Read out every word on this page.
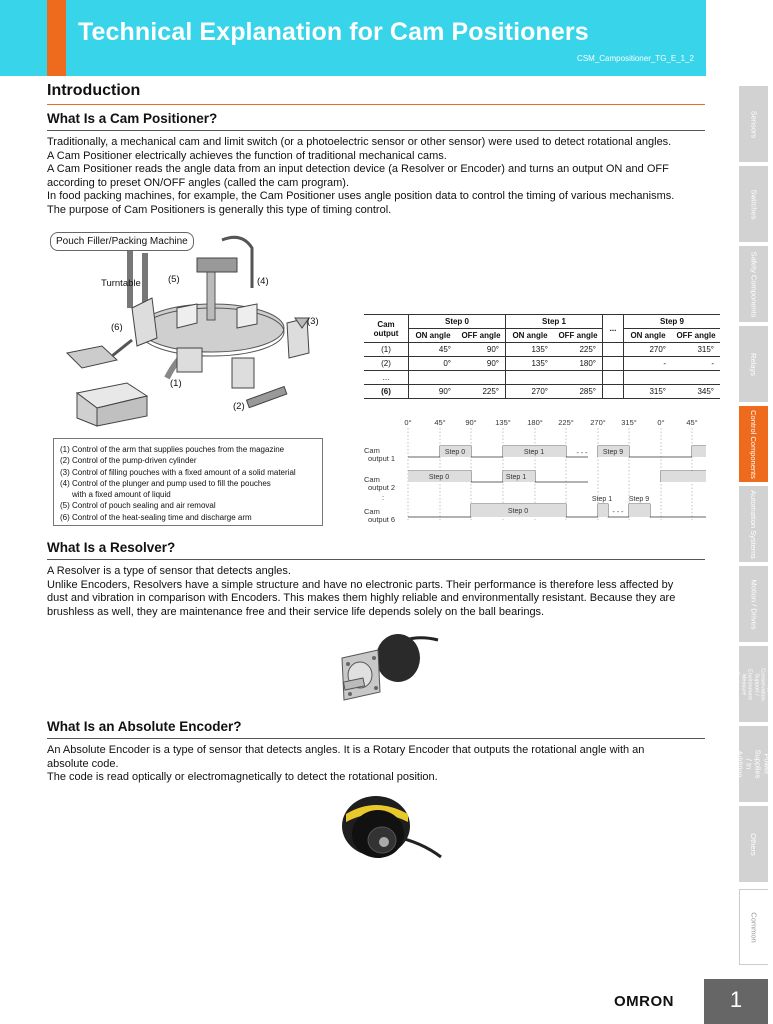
Technical Explanation for Cam Positioners
CSM_Campositioner_TG_E_1_2
Introduction
What Is a Cam Positioner?
Traditionally, a mechanical cam and limit switch (or a photoelectric sensor or other sensor) were used to detect rotational angles.
A Cam Positioner electrically achieves the function of traditional mechanical cams.
A Cam Positioner reads the angle data from an input detection device (a Resolver or Encoder) and turns an output ON and OFF
according to preset ON/OFF angles (called the cam program).
In food packing machines, for example, the Cam Positioner uses angle position data to control the timing of various mechanisms.
The purpose of Cam Positioners is generally this type of timing control.
Pouch Filler/Packing Machine
Turntable
(1)
(2)
(3)
(4)
(5)
(6)
(1) Control of the arm that supplies pouches from the magazine
(2) Control of the pump-driven cylinder
(3) Control of filling pouches with a fixed amount of a solid material
(4) Control of the plunger and pump used to fill the pouches
with a fixed amount of liquid
(5) Control of pouch sealing and air removal
(6) Control of the heat-sealing time and discharge arm
Cam output	Step 0		Step 1		...	Step 9	
	ON angle	OFF angle	ON angle	OFF angle		ON angle	OFF angle
(1)	45°	90°	135°	225°		270°	315°
(2)	0°	90°	135°	180°		-	-
...							
(6)	90°	225°	270°	285°		315°	345°
0°	45°	90° 135° 180° 225° 270° 315°	0°	45°
Cam
output 1
Cam
output 2
:
Cam
output 6
Step 0	Step 1	Step 9
- - -
Step 0	Step 1
Step 0
Step 1 Step 9
- - -
What Is a Resolver?
A Resolver is a type of sensor that detects angles.
Unlike Encoders, Resolvers have a simple structure and have no electronic parts. Their performance is therefore less affected by
dust and vibration in comparison with Encoders. This makes them highly reliable and environmentally resistant. Because they are
brushless as well, they are maintenance free and their service life depends solely on the ball bearings.
What Is an Absolute Encoder?
An Absolute Encoder is a type of sensor that detects angles. It is a Rotary Encoder that outputs the rotational angle with an
absolute code.
The code is read optically or electromagnetically to detect the rotational position.
Sensors
Switches
Safety Components
Relays
Control Components
Automation Systems
Motion / Drives
Energy Conservation Support / Environment Measure Equipment
Power Supplies / In Addition
Others
Common
OMRON	1
